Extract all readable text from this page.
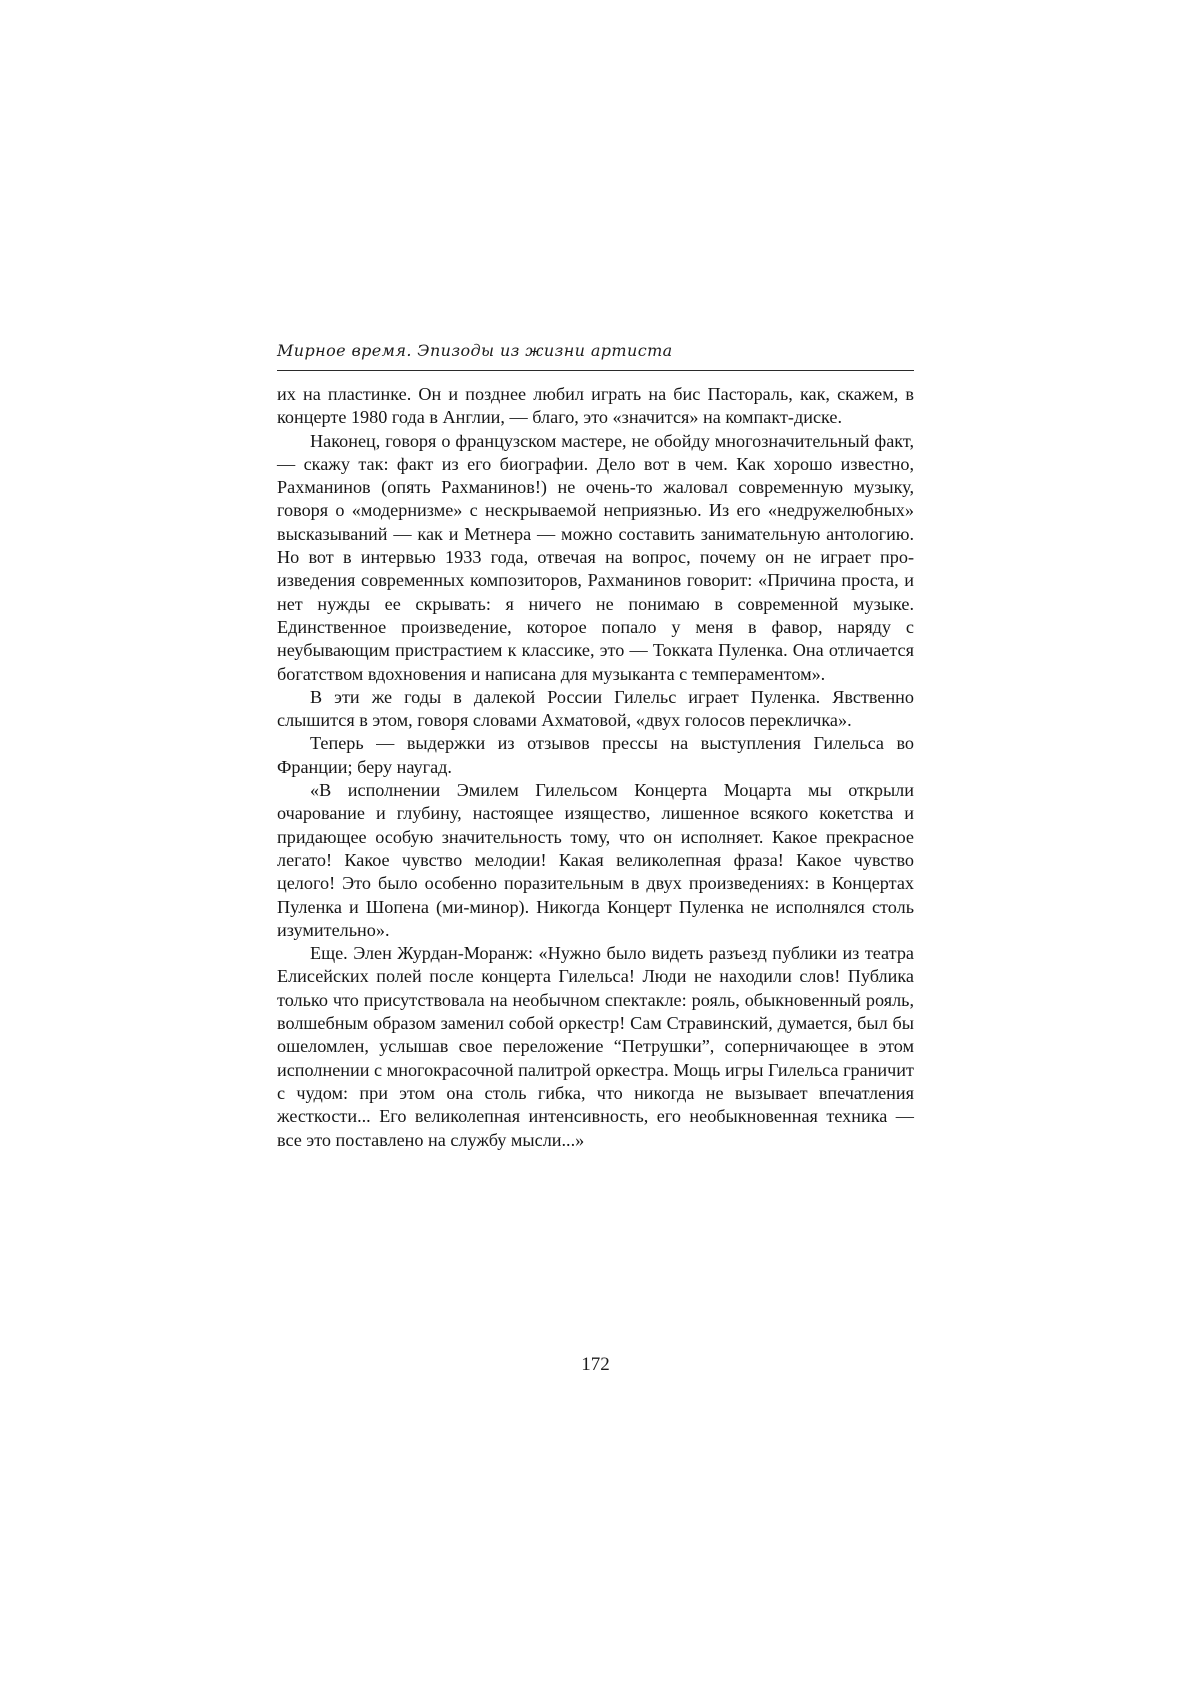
Мирное время. Эпизоды из жизни артиста

их на пластинке. Он и позднее любил играть на бис Пастораль, как, скажем, в концерте 1980 года в Англии, — благо, это «значится» на компакт-диске.

Наконец, говоря о французском мастере, не обойду многозначительный факт, — скажу так: факт из его биографии. Дело вот в чем. Как хорошо известно, Рахманинов (опять Рахманинов!) не очень-то жаловал современную музыку, говоря о «модернизме» с нескрываемой неприязнью. Из его «недружелюбных» высказываний — как и Метнера — можно составить занимательную антологию. Но вот в интервью 1933 года, отвечая на вопрос, почему он не играет произведения современных композиторов, Рахманинов говорит: «Причина проста, и нет нужды ее скрывать: я ничего не понимаю в современной музыке. Единственное произведение, которое попало у меня в фавор, наряду с неубывающим пристрастием к классике, это — Токката Пуленка. Она отличается богатством вдохновения и написана для музыканта с темпераментом».

В эти же годы в далекой России Гилельс играет Пуленка. Явственно слышится в этом, говоря словами Ахматовой, «двух голосов перекличка».

Теперь — выдержки из отзывов прессы на выступления Гилельса во Франции; беру наугад.

«В исполнении Эмилем Гилельсом Концерта Моцарта мы открыли очарование и глубину, настоящее изящество, лишенное всякого кокетства и придающее особую значительность тому, что он исполняет. Какое прекрасное легато! Какое чувство мелодии! Какая великолепная фраза! Какое чувство целого! Это было особенно поразительным в двух произведениях: в Концертах Пуленка и Шопена (ми-минор). Никогда Концерт Пуленка не исполнялся столь изумительно».

Еще. Элен Журдан-Моранж: «Нужно было видеть разъезд публики из театра Елисейских полей после концерта Гилельса! Люди не находили слов! Публика только что присутствовала на необычном спектакле: рояль, обыкновенный рояль, волшебным образом заменил собой оркестр! Сам Стравинский, думается, был бы ошеломлен, услышав свое переложение “Петрушки”, соперничающее в этом исполнении с многокрасочной палитрой оркестра. Мощь игры Гилельса граничит с чудом: при этом она столь гибка, что никогда не вызывает впечатления жесткости... Его великолепная интенсивность, его необыкновенная техника — все это поставлено на службу мысли...»

172
